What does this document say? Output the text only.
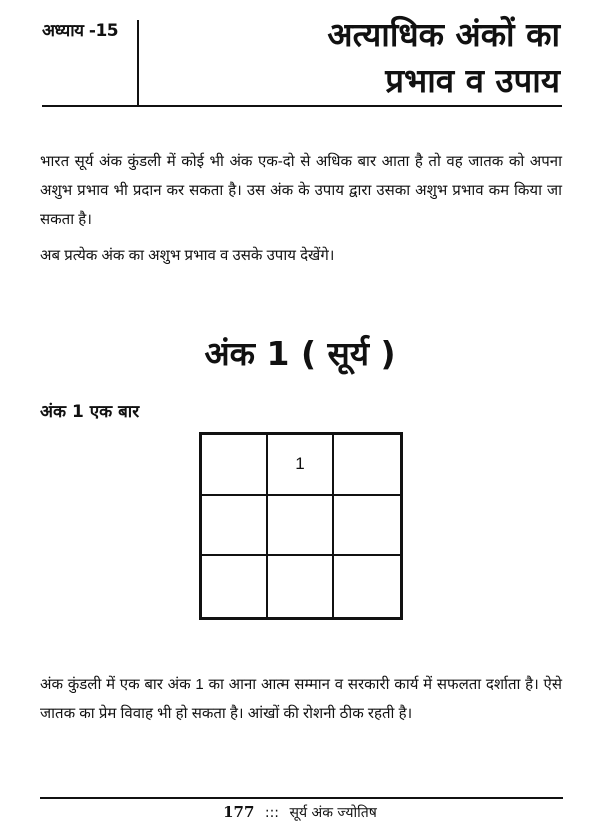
अध्याय -15	अत्याधिक अंकों का
प्रभाव व उपाय

भारत सूर्य अंक कुंडली में कोई भी अंक एक-दो से अधिक बार आता है तो वह जातक को अपना अशुभ प्रभाव भी प्रदान कर सकता है। उस अंक के उपाय द्वारा उसका अशुभ प्रभाव कम किया जा सकता है।

अब प्रत्येक अंक का अशुभ प्रभाव व उसके उपाय देखेंगे।

अंक 1 ( सूर्य )
अंक 1 एक बार
1

अंक कुंडली में एक बार अंक 1 का आना आत्म सम्मान व सरकारी कार्य में सफलता दर्शाता है। ऐसे जातक का प्रेम विवाह भी हो सकता है। आंखों की रोशनी ठीक रहती है।

177 ::: सूर्य अंक ज्योतिष
